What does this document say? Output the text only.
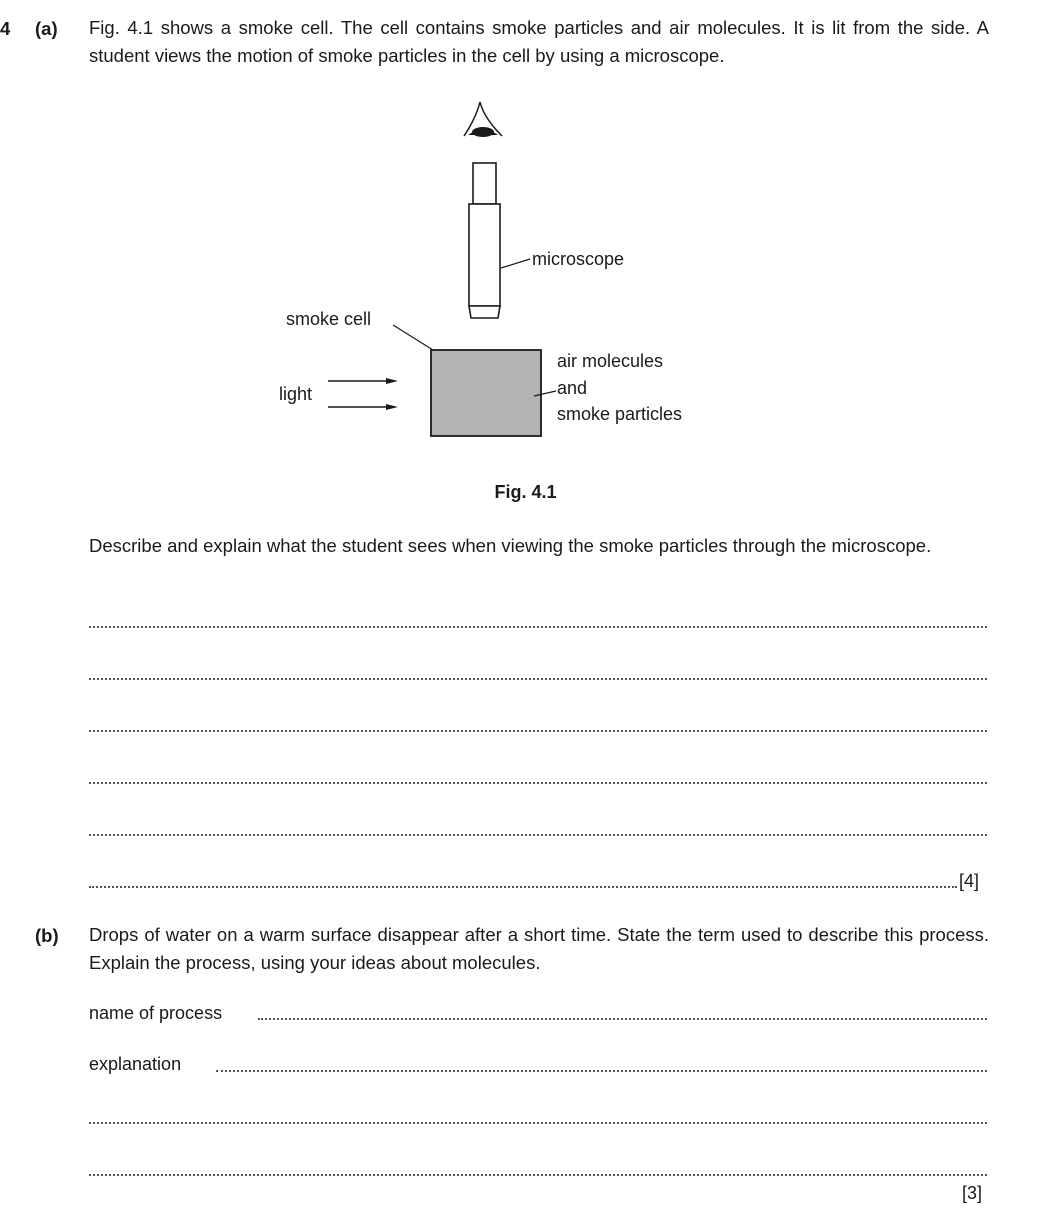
4 (a) Fig. 4.1 shows a smoke cell. The cell contains smoke particles and air molecules. It is lit from the side. A student views the motion of smoke particles in the cell by using a microscope.
microscope
smoke cell
light
air molecules
and
smoke particles
Fig. 4.1
Describe and explain what the student sees when viewing the smoke particles through the microscope.
[4]
(b) Drops of water on a warm surface disappear after a short time. State the term used to describe this process. Explain the process, using your ideas about molecules.
name of process
explanation
[3]
